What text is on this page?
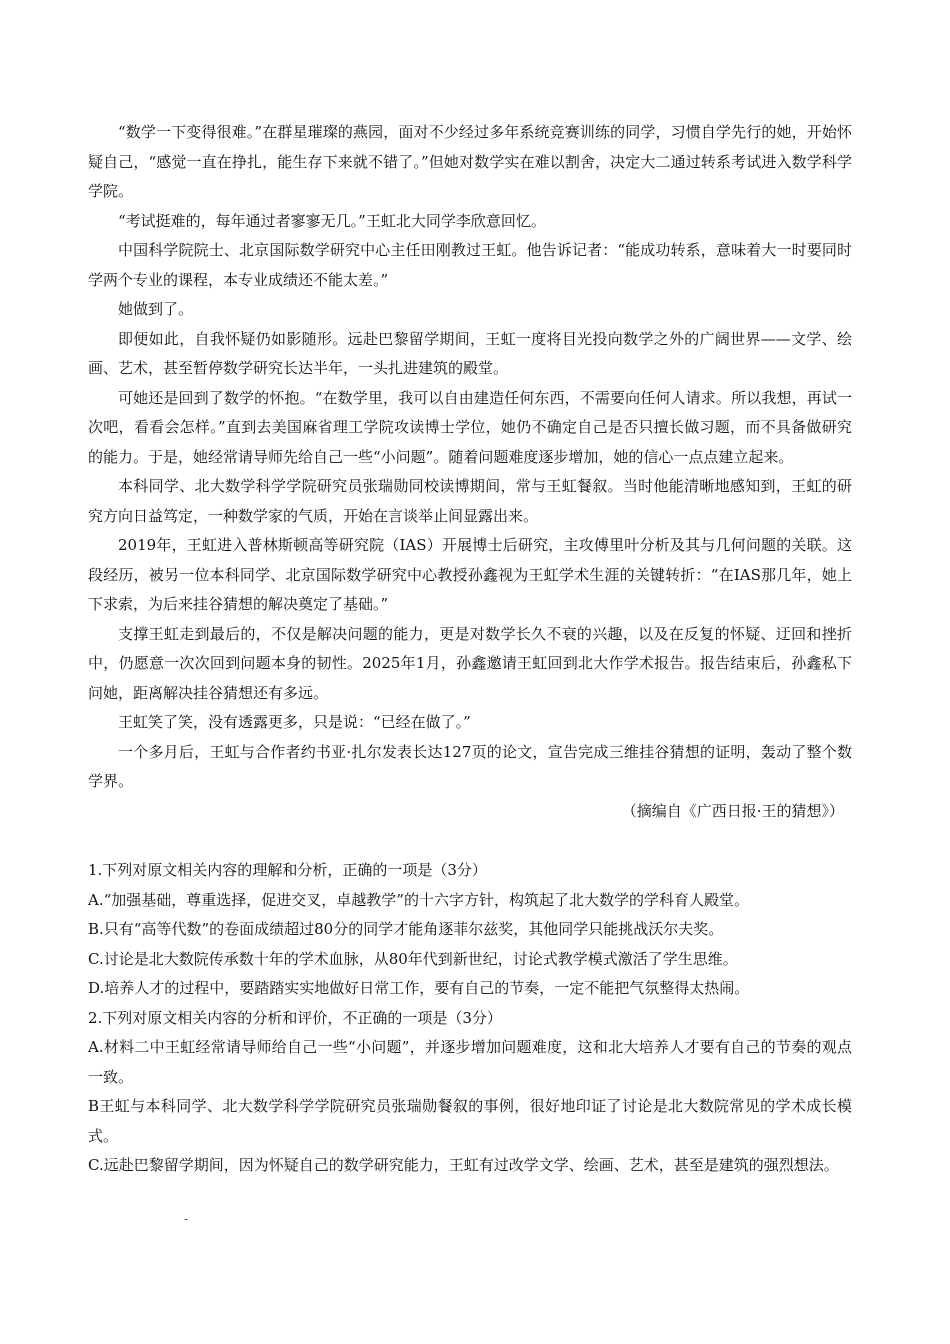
“数学一下变得很难。”在群星璀璨的燕园，面对不少经过多年系统竞赛训练的同学，习惯自学先行的她，开始怀疑自己，“感觉一直在挣扎，能生存下来就不错了。”但她对数学实在难以割舍，决定大二通过转系考试进入数学科学学院。

“考试挺难的，每年通过者寥寥无几。”王虹北大同学李欣意回忆。

中国科学院院士、北京国际数学研究中心主任田刚教过王虹。他告诉记者：“能成功转系，意味着大一时要同时学两个专业的课程，本专业成绩还不能太差。”

她做到了。

即便如此，自我怀疑仍如影随形。远赴巴黎留学期间，王虹一度将目光投向数学之外的广阔世界——文学、绘画、艺术，甚至暂停数学研究长达半年，一头扎进建筑的殿堂。

可她还是回到了数学的怀抱。“在数学里，我可以自由建造任何东西，不需要向任何人请求。所以我想，再试一次吧，看看会怎样。”直到去美国麻省理工学院攻读博士学位，她仍不确定自己是否只擅长做习题，而不具备做研究的能力。于是，她经常请导师先给自己一些“小问题”。随着问题难度逐步增加，她的信心一点点建立起来。

本科同学、北大数学科学学院研究员张瑞勋同校读博期间，常与王虹餐叙。当时他能清晰地感知到，王虹的研究方向日益笃定，一种数学家的气质，开始在言谈举止间显露出来。

2019年，王虹进入普林斯顿高等研究院（IAS）开展博士后研究，主攻傅里叶分析及其与几何问题的关联。这段经历，被另一位本科同学、北京国际数学研究中心教授孙鑫视为王虹学术生涯的关键转折：“在IAS那几年，她上下求索，为后来挂谷猜想的解决奠定了基础。”

支撑王虹走到最后的，不仅是解决问题的能力，更是对数学长久不衰的兴趣，以及在反复的怀疑、迂回和挫折中，仍愿意一次次回到问题本身的韧性。2025年1月，孙鑫邀请王虹回到北大作学术报告。报告结束后，孙鑫私下问她，距离解决挂谷猜想还有多远。

王虹笑了笑，没有透露更多，只是说：“已经在做了。”

一个多月后，王虹与合作者约书亚·扎尔发表长达127页的论文，宣告完成三维挂谷猜想的证明，轰动了整个数学界。

（摘编自《广西日报·王的猜想》）

1.下列对原文相关内容的理解和分析，正确的一项是（3分）

A.“加强基础，尊重选择，促进交叉，卓越教学”的十六字方针，构筑起了北大数学的学科育人殿堂。

B.只有“高等代数”的卷面成绩超过80分的同学才能角逐菲尔兹奖，其他同学只能挑战沃尔夫奖。

C.讨论是北大数院传承数十年的学术血脉，从80年代到新世纪，讨论式教学模式激活了学生思维。

D.培养人才的过程中，要踏踏实实地做好日常工作，要有自己的节奏，一定不能把气氛整得太热闹。

2.下列对原文相关内容的分析和评价，不正确的一项是（3分）

A.材料二中王虹经常请导师给自己一些“小问题”，并逐步增加问题难度，这和北大培养人才要有自己的节奏的观点一致。

B王虹与本科同学、北大数学科学学院研究员张瑞勋餐叙的事例，很好地印证了讨论是北大数院常见的学术成长模式。

C.远赴巴黎留学期间，因为怀疑自己的数学研究能力，王虹有过改学文学、绘画、艺术，甚至是建筑的强烈想法。

-
